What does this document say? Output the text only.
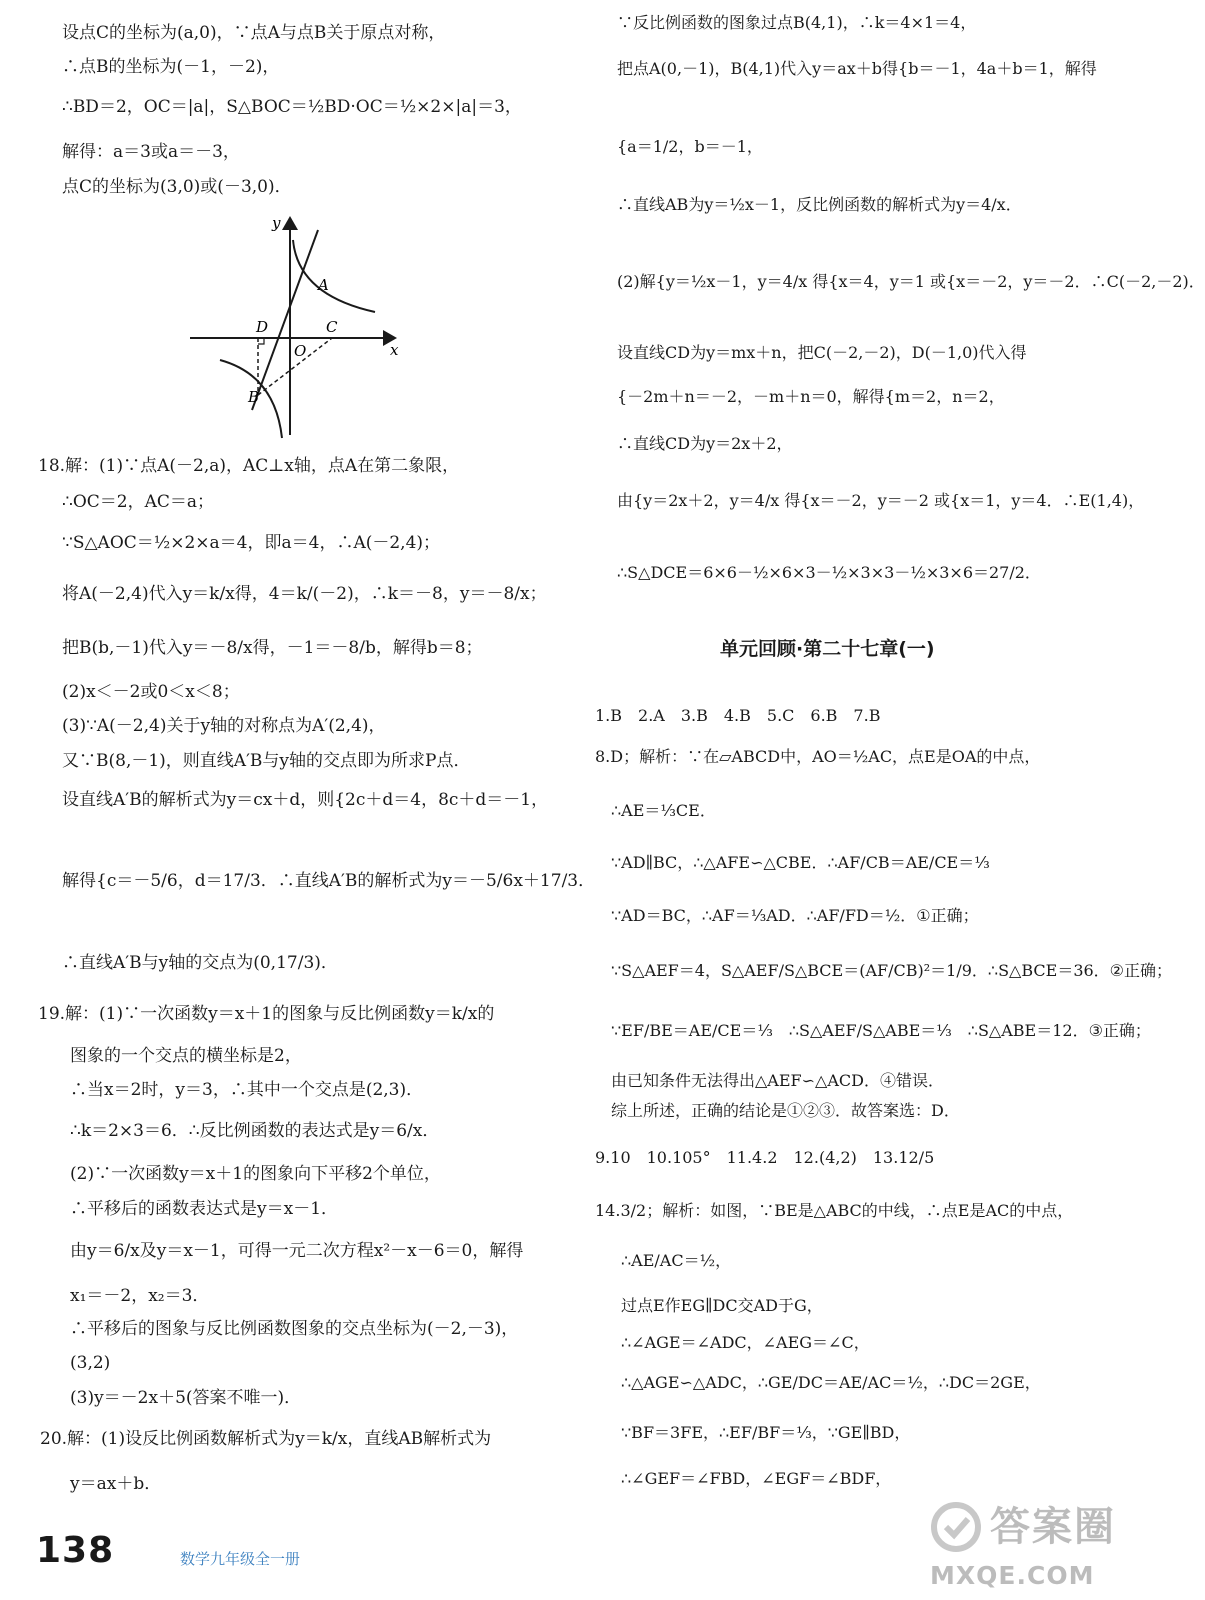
设点C的坐标为(a,0)，∵点A与点B关于原点对称，
∴点B的坐标为(－1，－2)，
∴BD＝2，OC＝|a|，S△BOC＝½BD·OC＝½×2×|a|＝3，
解得：a＝3或a＝－3，
点C的坐标为(3,0)或(－3,0)．
y
x
A
B
C
D
O
18.解：(1)∵点A(－2,a)，AC⊥x轴，点A在第二象限，
∴OC＝2，AC＝a；
∵S△AOC＝½×2×a＝4，即a＝4，∴A(－2,4)；
将A(－2,4)代入y＝k/x得，4＝k/(－2)，∴k＝－8，y＝－8/x；
把B(b,－1)代入y＝－8/x得，－1＝－8/b，解得b＝8；
(2)x＜－2或0＜x＜8；
(3)∵A(－2,4)关于y轴的对称点为A′(2,4)，
又∵B(8,－1)，则直线A′B与y轴的交点即为所求P点．
设直线A′B的解析式为y＝cx＋d，则{2c＋d＝4，8c＋d＝－1，
解得{c＝－5/6，d＝17/3．∴直线A′B的解析式为y＝－5/6x＋17/3．
∴直线A′B与y轴的交点为(0,17/3)．
19.解：(1)∵一次函数y＝x＋1的图象与反比例函数y＝k/x的
图象的一个交点的横坐标是2，
∴当x＝2时，y＝3，∴其中一个交点是(2,3)．
∴k＝2×3＝6．∴反比例函数的表达式是y＝6/x．
(2)∵一次函数y＝x＋1的图象向下平移2个单位，
∴平移后的函数表达式是y＝x－1．
由y＝6/x及y＝x－1，可得一元二次方程x²－x－6＝0，解得
x₁＝－2，x₂＝3．
∴平移后的图象与反比例函数图象的交点坐标为(－2,－3)，
(3,2)
(3)y＝－2x＋5(答案不唯一)．
20.解：(1)设反比例函数解析式为y＝k/x，直线AB解析式为
y＝ax＋b．
∵反比例函数的图象过点B(4,1)，∴k＝4×1＝4，
把点A(0,－1)，B(4,1)代入y＝ax＋b得{b＝－1，4a＋b＝1，解得
{a＝1/2，b＝－1，
∴直线AB为y＝½x－1，反比例函数的解析式为y＝4/x．
(2)解{y＝½x－1，y＝4/x 得{x＝4，y＝1 或{x＝－2，y＝－2．∴C(－2,－2)．
设直线CD为y＝mx＋n，把C(－2,－2)，D(－1,0)代入得
{－2m＋n＝－2，－m＋n＝0，解得{m＝2，n＝2，
∴直线CD为y＝2x＋2，
由{y＝2x＋2，y＝4/x 得{x＝－2，y＝－2 或{x＝1，y＝4．∴E(1,4)，
∴S△DCE＝6×6－½×6×3－½×3×3－½×3×6＝27/2．
单元回顾·第二十七章(一)
1.B　2.A　3.B　4.B　5.C　6.B　7.B
8.D；解析：∵在▱ABCD中，AO＝½AC，点E是OA的中点，
∴AE＝⅓CE．
∵AD∥BC，∴△AFE∽△CBE．∴AF/CB＝AE/CE＝⅓
∵AD＝BC，∴AF＝⅓AD．∴AF/FD＝½．①正确；
∵S△AEF＝4，S△AEF/S△BCE＝(AF/CB)²＝1/9．∴S△BCE＝36．②正确；
∵EF/BE＝AE/CE＝⅓　∴S△AEF/S△ABE＝⅓　∴S△ABE＝12．③正确；
由已知条件无法得出△AEF∽△ACD．④错误．
综上所述，正确的结论是①②③．故答案选：D．
9.10　10.105°　11.4.2　12.(4,2)　13.12/5
14.3/2；解析：如图，∵BE是△ABC的中线，∴点E是AC的中点，
∴AE/AC＝½，
过点E作EG∥DC交AD于G，
∴∠AGE＝∠ADC，∠AEG＝∠C，
∴△AGE∽△ADC，∴GE/DC＝AE/AC＝½，∴DC＝2GE，
∵BF＝3FE，∴EF/BF＝⅓，∵GE∥BD，
∴∠GEF＝∠FBD，∠EGF＝∠BDF，
138	数学九年级全一册
答案圈
MXQE.COM
